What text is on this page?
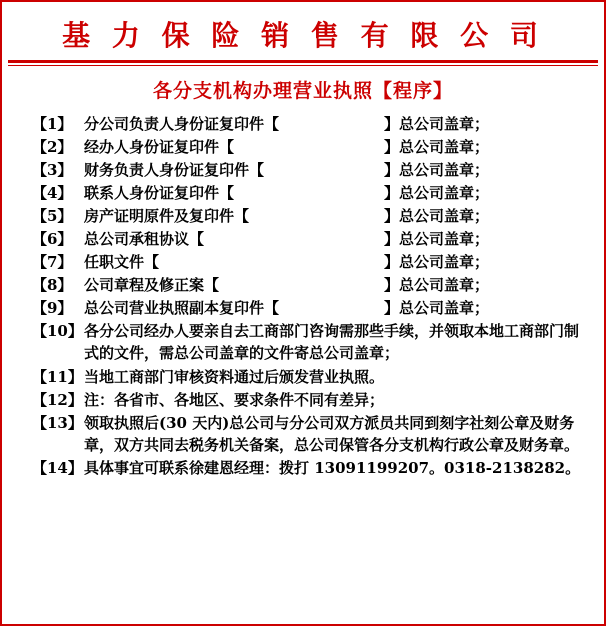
基 力 保 险 销 售 有 限 公 司
各分支机构办理营业执照【程序】
【1】 分公司负责人身份证复印件【	】总公司盖章；
【2】 经办人身份证复印件【	】总公司盖章；
【3】 财务负责人身份证复印件【	】总公司盖章；
【4】 联系人身份证复印件【	】总公司盖章；
【5】 房产证明原件及复印件【	】总公司盖章；
【6】 总公司承租协议【	】总公司盖章；
【7】 任职文件【	】总公司盖章；
【8】 公司章程及修正案【	】总公司盖章；
【9】 总公司营业执照副本复印件【	】总公司盖章；
【10】 各分公司经办人要亲自去工商部门咨询需那些手续，并领取本地工商部门制式的文件，需总公司盖章的文件寄总公司盖章；
【11】 当地工商部门审核资料通过后颁发营业执照。
【12】 注：各省市、各地区、要求条件不同有差异；
【13】 领取执照后(30 天内)总公司与分公司双方派员共同到刻字社刻公章及财务章，双方共同去税务机关备案，总公司保管各分支机构行政公章及财务章。
【14】 具体事宜可联系徐建恩经理：拨打 13091199207。0318-2138282。
